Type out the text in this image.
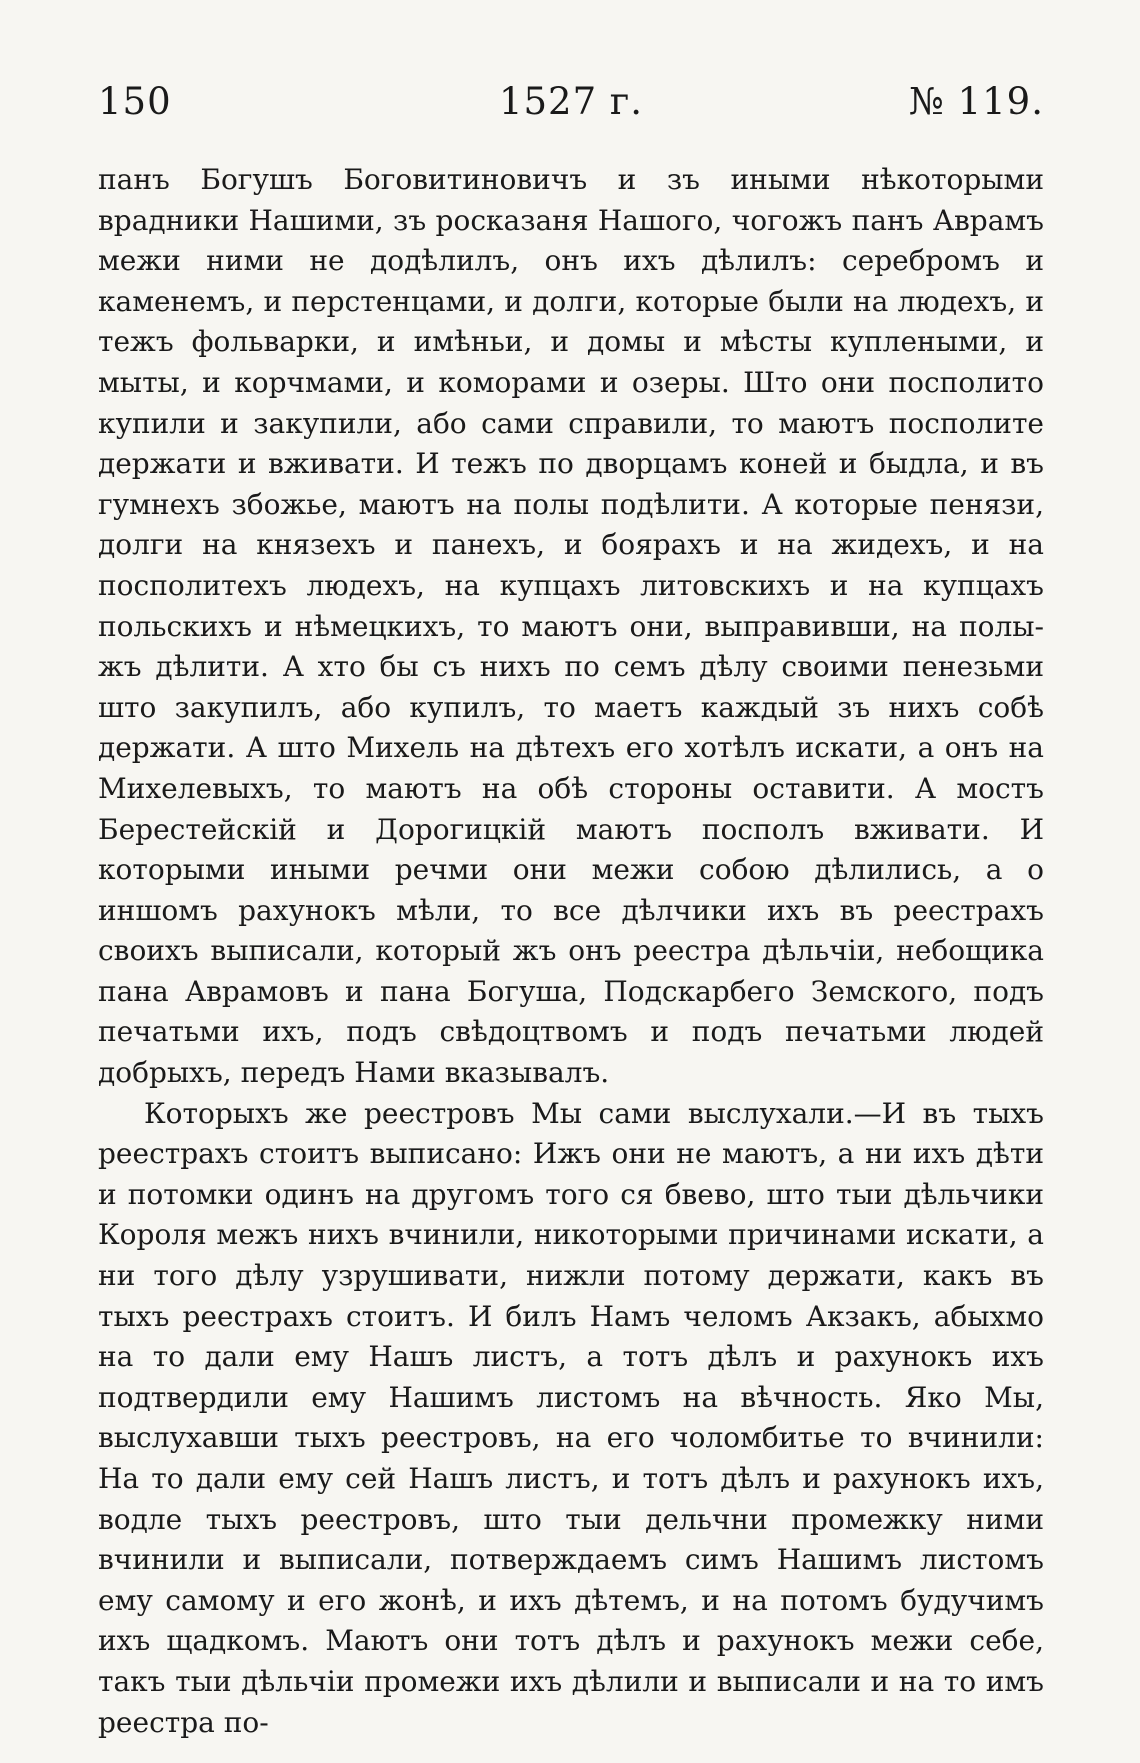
150	1527 г.	№ 119.

панъ Богушъ Боговитиновичъ и зъ иными нѣкоторыми врадники Нашими, зъ росказаня Нашого, чогожъ панъ Аврамъ межи ними не додѣлилъ, онъ ихъ дѣлилъ: серебромъ и каменемъ, и перстенцами, и долги, которые были на людехъ, и тежъ фольварки, и имѣньи, и домы и мѣсты куплеными, и мыты, и корчмами, и коморами и озеры. Што они посполито купили и закупили, або сами справили, то маютъ посполите держати и вживати. И тежъ по дворцамъ коней и быдла, и въ гумнехъ збожье, маютъ на полы подѣлити. А которые пенязи, долги на князехъ и панехъ, и боярахъ и на жидехъ, и на посполитехъ людехъ, на купцахъ литовскихъ и на купцахъ польскихъ и нѣмецкихъ, то маютъ они, выправивши, на полы-жъ дѣлити. А хто бы съ нихъ по семъ дѣлу своими пенезьми што закупилъ, або купилъ, то маетъ каждый зъ нихъ собѣ держати. А што Михель на дѣтехъ его хотѣлъ искати, а онъ на Михелевыхъ, то маютъ на обѣ стороны оставити. А мостъ Берестейскій и Дорогицкій маютъ посполъ вживати. И которыми иными речми они межи собою дѣлились, а о иншомъ рахунокъ мѣли, то все дѣлчики ихъ въ реестрахъ своихъ выписали, который жъ онъ реестра дѣльчіи, небощика пана Аврамовъ и пана Богуша, Подскарбего Земского, подъ печатьми ихъ, подъ свѣдоцтвомъ и подъ печатьми людей добрыхъ, передъ Нами вказывалъ.

Которыхъ же реестровъ Мы сами выслухали.—И въ тыхъ реестрахъ стоитъ выписано: Ижъ они не маютъ, а ни ихъ дѣти и потомки одинъ на другомъ того ся бвево, што тыи дѣльчики Короля межъ нихъ вчинили, никоторыми причинами искати, а ни того дѣлу узрушивати, нижли потому держати, какъ въ тыхъ реестрахъ стоитъ. И билъ Намъ челомъ Акзакъ, абыхмо на то дали ему Нашъ листъ, а тотъ дѣлъ и рахунокъ ихъ подтвердили ему Нашимъ листомъ на вѣчность. Яко Мы, выслухавши тыхъ реестровъ, на его чоломбитье то вчинили: На то дали ему сей Нашъ листъ, и тотъ дѣлъ и рахунокъ ихъ, водле тыхъ реестровъ, што тыи дельчни промежку ними вчинили и выписали, потверждаемъ симъ Нашимъ листомъ ему самому и его жонѣ, и ихъ дѣтемъ, и на потомъ будучимъ ихъ щадкомъ. Маютъ они тотъ дѣлъ и рахунокъ межи себе, такъ тыи дѣльчіи промежи ихъ дѣлили и выписали и на то имъ реестра по-
